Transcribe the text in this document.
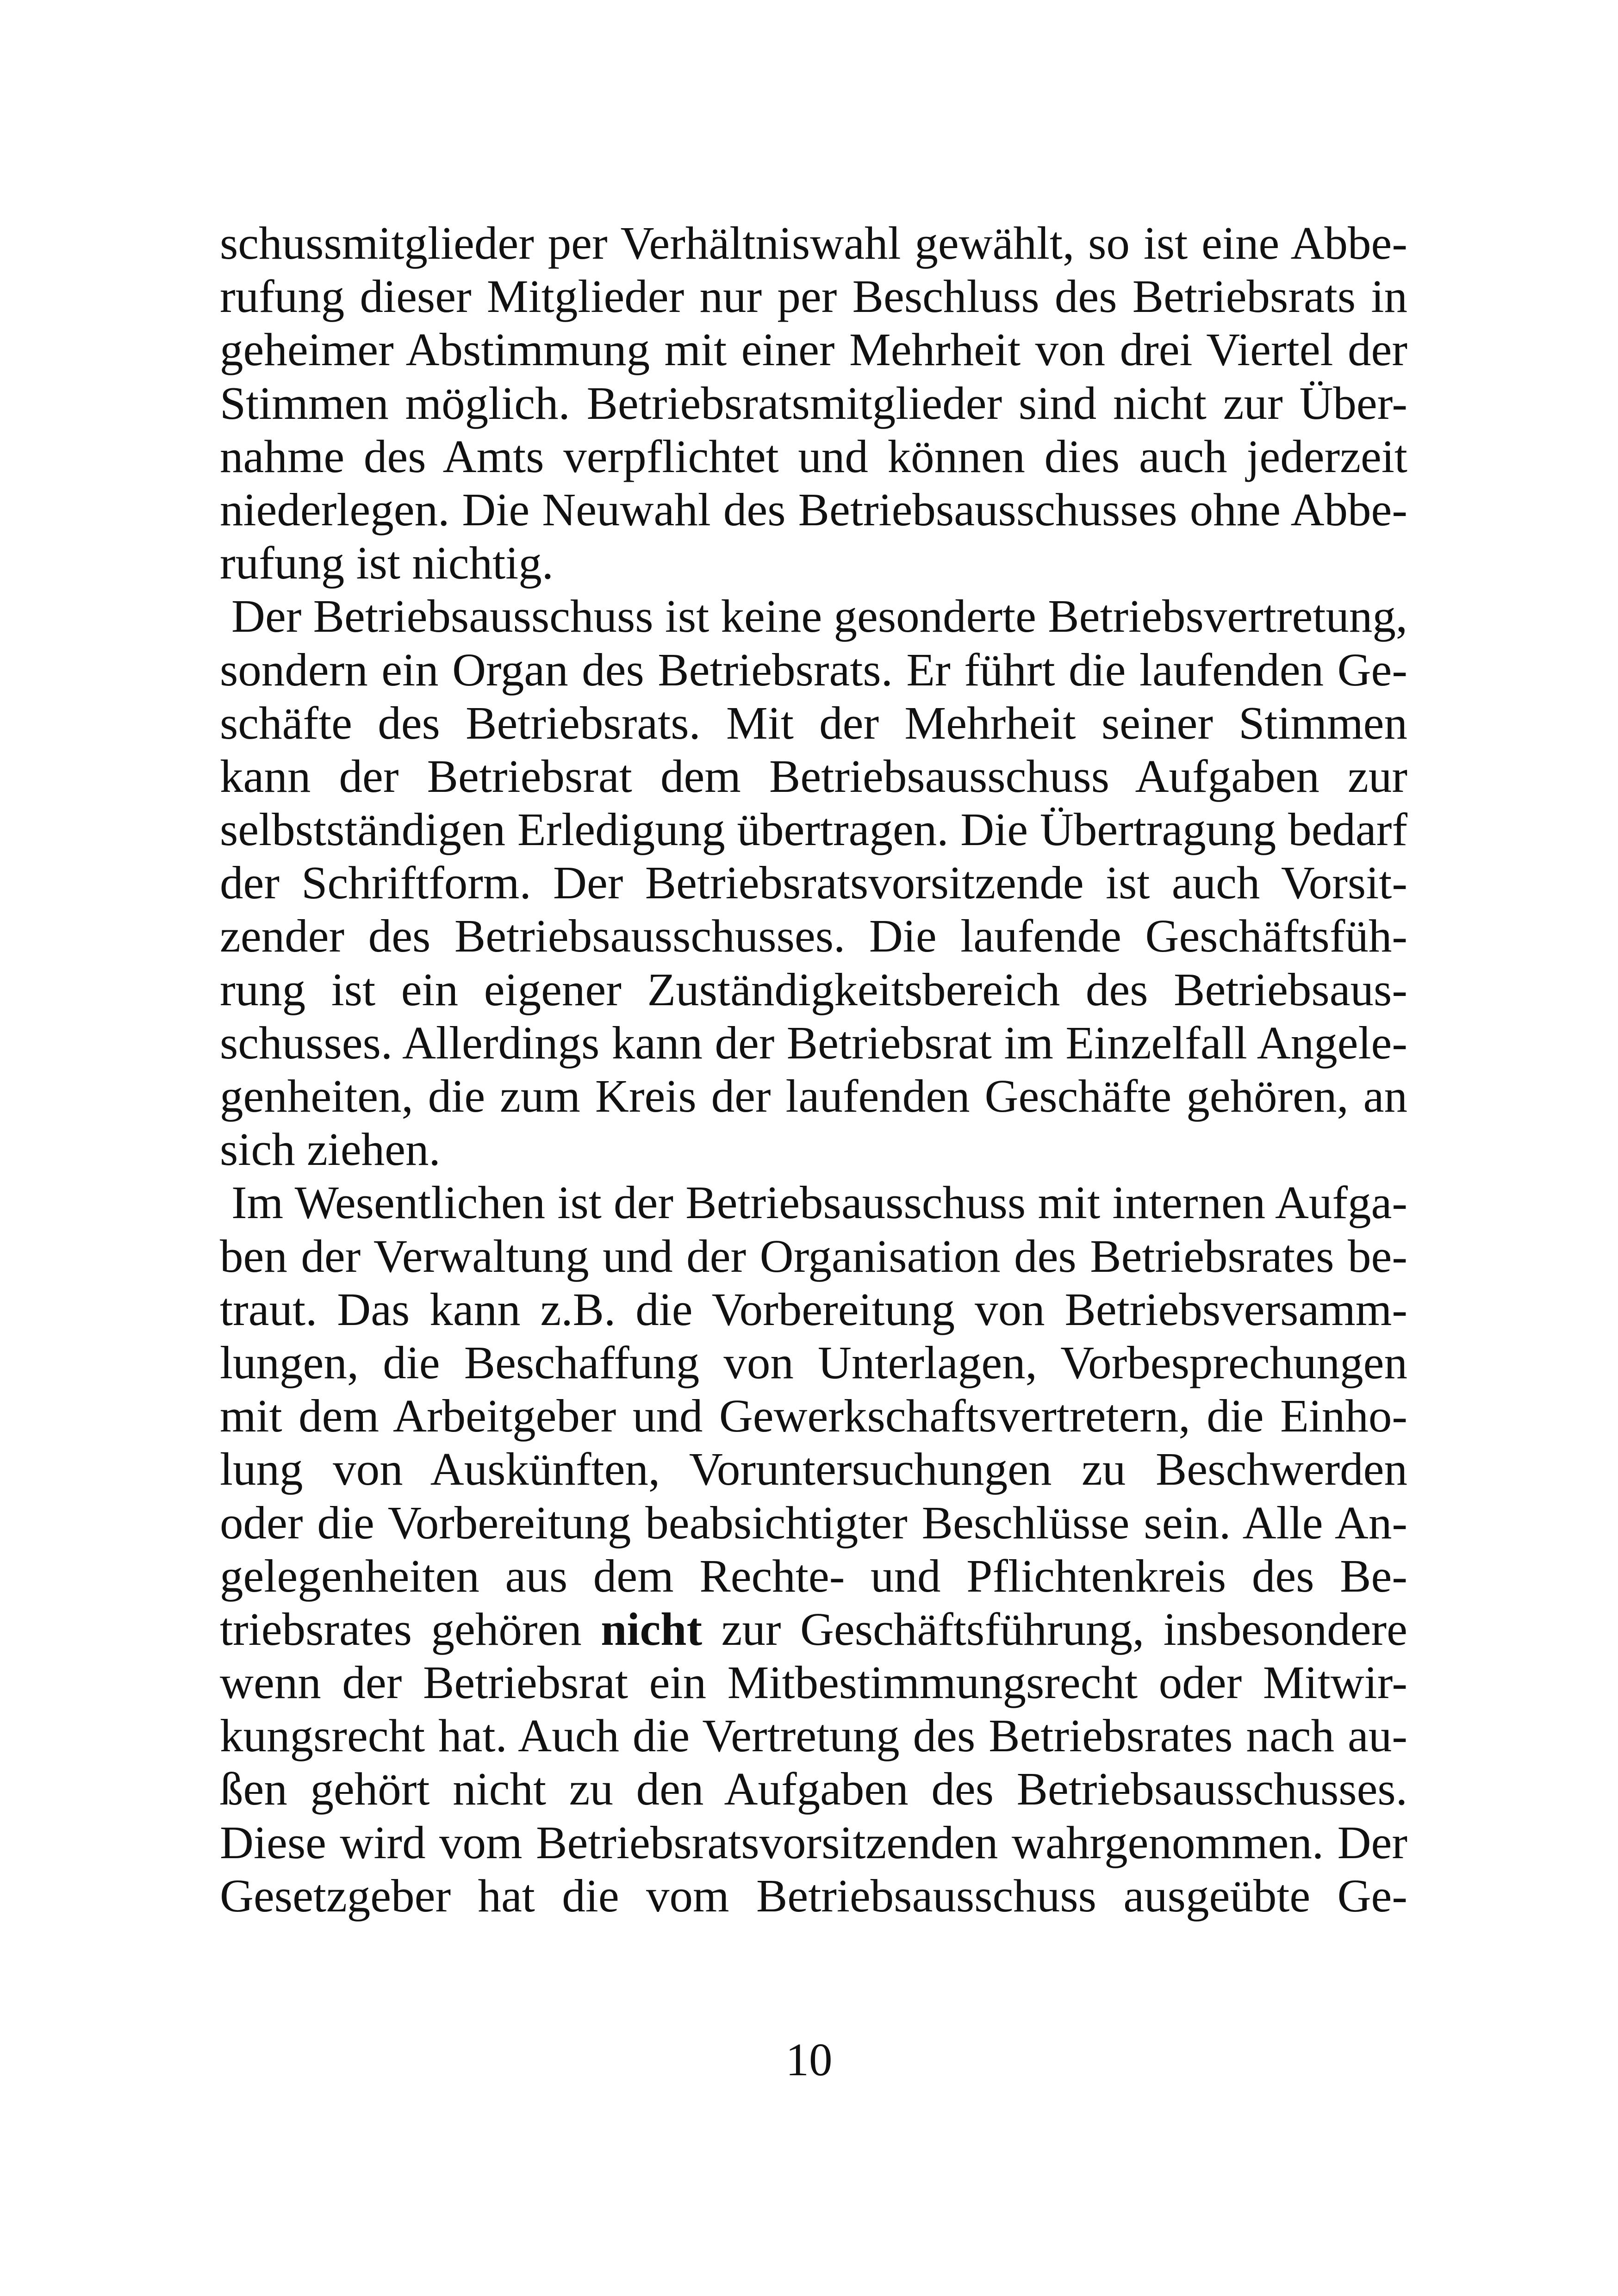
schussmitglieder per Verhältniswahl gewählt, so ist eine Abbe-
rufung dieser Mitglieder nur per Beschluss des Betriebsrats in
geheimer Abstimmung mit einer Mehrheit von drei Viertel der
Stimmen möglich. Betriebsratsmitglieder sind nicht zur Über-
nahme des Amts verpflichtet und können dies auch jederzeit
niederlegen. Die Neuwahl des Betriebsausschusses ohne Abbe-
rufung ist nichtig.
Der Betriebsausschuss ist keine gesonderte Betriebsvertretung,
sondern ein Organ des Betriebsrats. Er führt die laufenden Ge-
schäfte des Betriebsrats. Mit der Mehrheit seiner Stimmen
kann der Betriebsrat dem Betriebsausschuss Aufgaben zur
selbstständigen Erledigung übertragen. Die Übertragung bedarf
der Schriftform. Der Betriebsratsvorsitzende ist auch Vorsit-
zender des Betriebsausschusses. Die laufende Geschäftsfüh-
rung ist ein eigener Zuständigkeitsbereich des Betriebsaus-
schusses. Allerdings kann der Betriebsrat im Einzelfall Angele-
genheiten, die zum Kreis der laufenden Geschäfte gehören, an
sich ziehen.
Im Wesentlichen ist der Betriebsausschuss mit internen Aufga-
ben der Verwaltung und der Organisation des Betriebsrates be-
traut. Das kann z.B. die Vorbereitung von Betriebsversamm-
lungen, die Beschaffung von Unterlagen, Vorbesprechungen
mit dem Arbeitgeber und Gewerkschaftsvertretern, die Einho-
lung von Auskünften, Voruntersuchungen zu Beschwerden
oder die Vorbereitung beabsichtigter Beschlüsse sein. Alle An-
gelegenheiten aus dem Rechte- und Pflichtenkreis des Be-
triebsrates gehören nicht zur Geschäftsführung, insbesondere
wenn der Betriebsrat ein Mitbestimmungsrecht oder Mitwir-
kungsrecht hat. Auch die Vertretung des Betriebsrates nach au-
ßen gehört nicht zu den Aufgaben des Betriebsausschusses.
Diese wird vom Betriebsratsvorsitzenden wahrgenommen. Der
Gesetzgeber hat die vom Betriebsausschuss ausgeübte Ge-
10
